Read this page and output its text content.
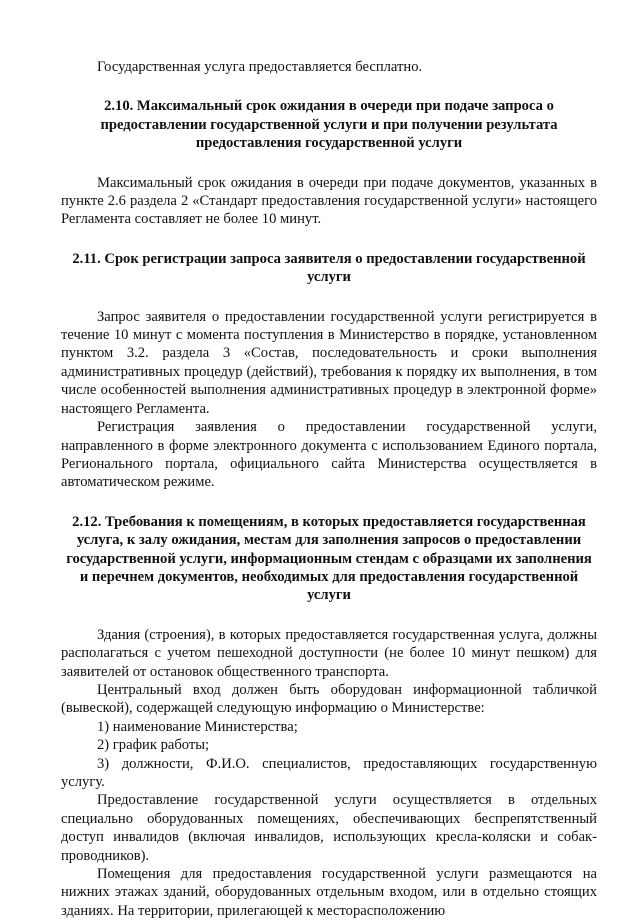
Государственная услуга предоставляется бесплатно.

2.10. Максимальный срок ожидания в очереди при подаче запроса о предоставлении государственной услуги и при получении результата предоставления государственной услуги

Максимальный срок ожидания в очереди при подаче документов, указанных в пункте 2.6 раздела 2 «Стандарт предоставления государственной услуги» настоящего Регламента составляет не более 10 минут.

2.11. Срок регистрации запроса заявителя о предоставлении государственной услуги

Запрос заявителя о предоставлении государственной услуги регистрируется в течение 10 минут с момента поступления в Министерство в порядке, установленном пунктом 3.2. раздела 3 «Состав, последовательность и сроки выполнения административных процедур (действий), требования к порядку их выполнения, в том числе особенностей выполнения административных процедур в электронной форме» настоящего Регламента.

Регистрация заявления о предоставлении государственной услуги, направленного в форме электронного документа с использованием Единого портала, Регионального портала, официального сайта Министерства осуществляется в автоматическом режиме.

2.12. Требования к помещениям, в которых предоставляется государственная услуга, к залу ожидания, местам для заполнения запросов о предоставлении государственной услуги, информационным стендам с образцами их заполнения и перечнем документов, необходимых для предоставления государственной услуги

Здания (строения), в которых предоставляется государственная услуга, должны располагаться с учетом пешеходной доступности (не более 10 минут пешком) для заявителей от остановок общественного транспорта.

Центральный вход должен быть оборудован информационной табличкой (вывеской), содержащей следующую информацию о Министерстве:

1) наименование Министерства;

2) график работы;

3) должности, Ф.И.О. специалистов, предоставляющих государственную услугу.

Предоставление государственной услуги осуществляется в отдельных специально оборудованных помещениях, обеспечивающих беспрепятственный доступ инвалидов (включая инвалидов, использующих кресла-коляски и собак-проводников).

Помещения для предоставления государственной услуги размещаются на нижних этажах зданий, оборудованных отдельным входом, или в отдельно стоящих зданиях. На территории, прилегающей к месторасположению
